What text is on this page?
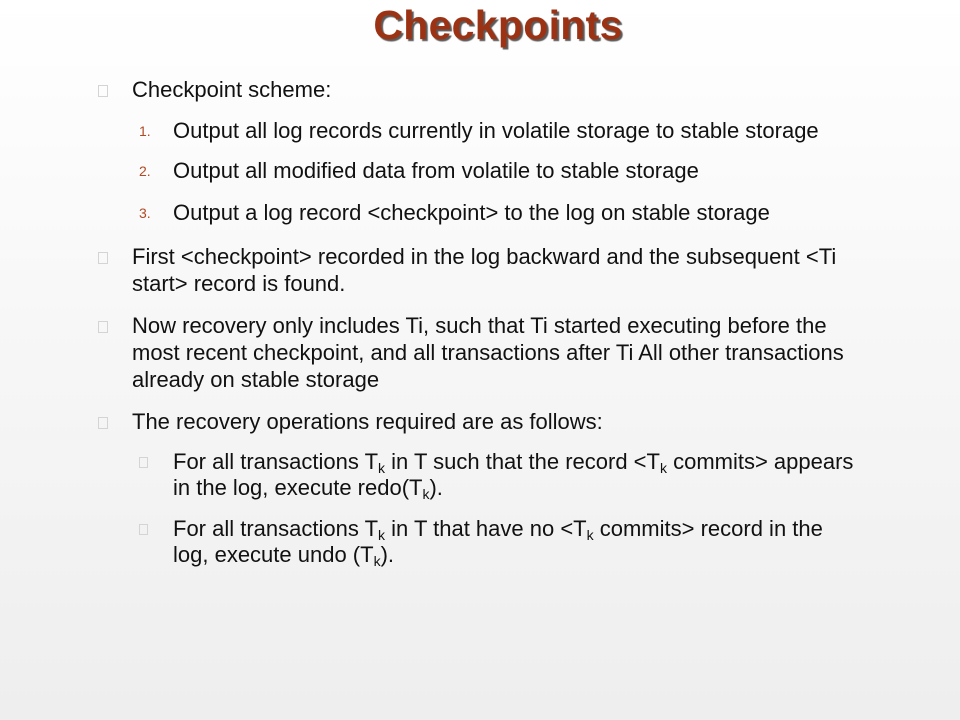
Checkpoints
Checkpoint scheme:
1. Output all log records currently in volatile storage to stable storage
2. Output all modified data from volatile to stable storage
3. Output a log record <checkpoint> to the log on stable storage
First <checkpoint> recorded in the log backward and the subsequent <Ti start> record is found.
Now recovery only includes Ti, such that Ti started executing before the most recent checkpoint, and all transactions after Ti All other transactions already on stable storage
The recovery operations required are as follows:
For all transactions $T_k$ in T such that the record $<T_k$ commits> appears in the log, execute $redo(T_k)$.
For all transactions $T_k$ in T that have no $<T_k$ commits> record in the log, execute undo $(T_k)$.
